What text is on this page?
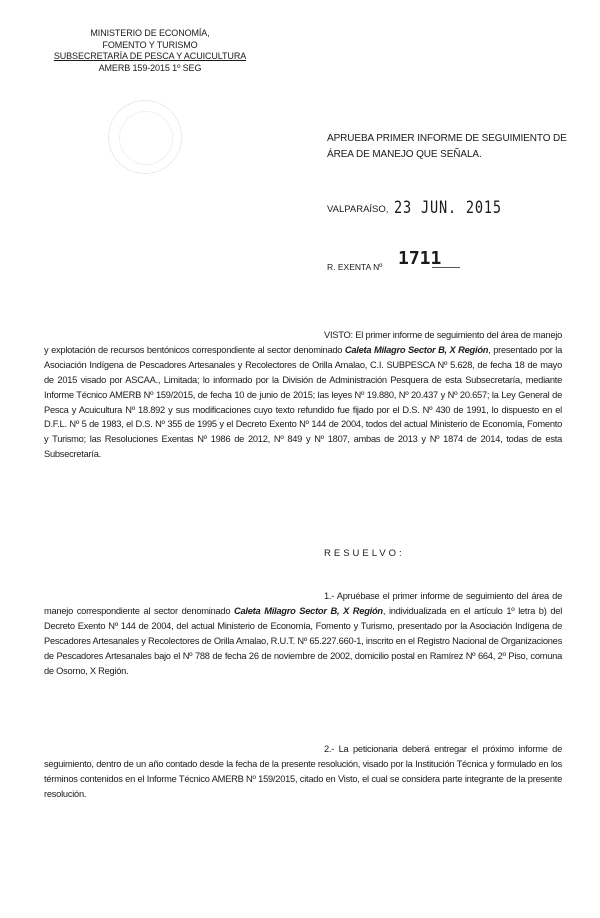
MINISTERIO DE ECONOMÍA,
FOMENTO Y TURISMO
SUBSECRETARÍA DE PESCA Y ACUICULTURA
AMERB 159-2015 1º SEG
APRUEBA PRIMER INFORME DE SEGUIMIENTO DE ÁREA DE MANEJO QUE SEÑALA.
VALPARAÍSO, 23 JUN. 2015
R. EXENTA Nº 1711
VISTO: El primer informe de seguimiento del área de manejo y explotación de recursos bentónicos correspondiente al sector denominado Caleta Milagro Sector B, X Región, presentado por la Asociación Indígena de Pescadores Artesanales y Recolectores de Orilla Amalao, C.I. SUBPESCA Nº 5.628, de fecha 18 de mayo de 2015 visado por ASCAA., Limitada; lo informado por la División de Administración Pesquera de esta Subsecretaría, mediante Informe Técnico AMERB Nº 159/2015, de fecha 10 de junio de 2015; las leyes Nº 19.880, Nº 20.437 y Nº 20.657; la Ley General de Pesca y Acuicultura Nº 18.892 y sus modificaciones cuyo texto refundido fue fijado por el D.S. Nº 430 de 1991, lo dispuesto en el D.F.L. Nº 5 de 1983, el D.S. Nº 355 de 1995 y el Decreto Exento Nº 144 de 2004, todos del actual Ministerio de Economía, Fomento y Turismo; las Resoluciones Exentas Nº 1986 de 2012, Nº 849 y Nº 1807, ambas de 2013 y Nº 1874 de 2014, todas de esta Subsecretaría.
RESUELVO:
1.- Apruébase el primer informe de seguimiento del área de manejo correspondiente al sector denominado Caleta Milagro Sector B, X Región, individualizada en el artículo 1º letra b) del Decreto Exento Nº 144 de 2004, del actual Ministerio de Economía, Fomento y Turismo, presentado por la Asociación Indígena de Pescadores Artesanales y Recolectores de Orilla Amalao, R.U.T. Nº 65.227.660-1, inscrito en el Registro Nacional de Organizaciones de Pescadores Artesanales bajo el Nº 788 de fecha 26 de noviembre de 2002, domicilio postal en Ramírez Nº 664, 2º Piso, comuna de Osorno, X Región.
2.- La peticionaria deberá entregar el próximo informe de seguimiento, dentro de un año contado desde la fecha de la presente resolución, visado por la Institución Técnica y formulado en los términos contenidos en el Informe Técnico AMERB Nº 159/2015, citado en Visto, el cual se considera parte integrante de la presente resolución.
